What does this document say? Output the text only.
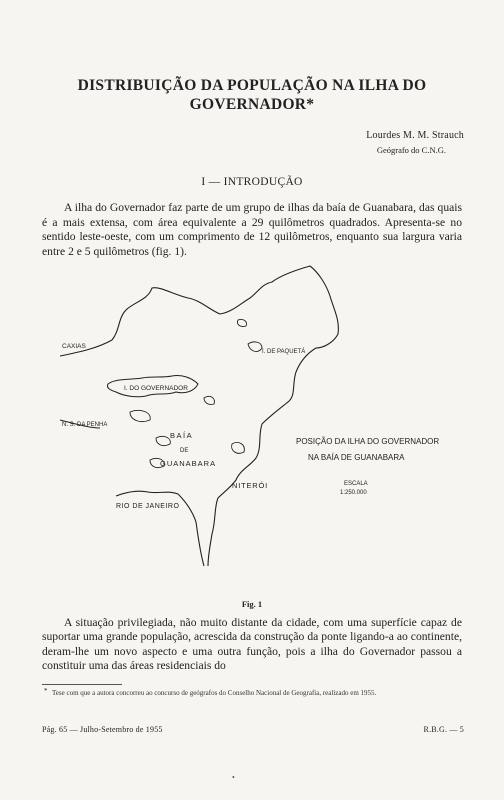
DISTRIBUIÇÃO DA POPULAÇÃO NA ILHA DO GOVERNADOR*
Lourdes M. M. Strauch
Geógrafo do C.N.G.
I — INTRODUÇÃO

A ilha do Governador faz parte de um grupo de ilhas da baía de Guanabara, das quais é a mais extensa, com área equivalente a 29 quilômetros quadrados. Apresenta-se no sentido leste-oeste, com um comprimento de 12 quilômetros, enquanto sua largura varia entre 2 e 5 quilômetros (fig. 1).

CAXIAS
I. DE PAQUETÁ
I. DO GOVERNADOR
N. S. DA PENHA
BAÍA
DE
GUANABARA
NITERÓI
RIO DE JANEIRO
POSIÇÃO DA ILHA DO GOVERNADOR
NA BAÍA DE GUANABARA
ESCALA
1:250.000
Fig. 1

A situação privilegiada, não muito distante da cidade, com uma superfície capaz de suportar uma grande população, acrescida da construção da ponte ligando-a ao continente, deram-lhe um novo aspecto e uma outra função, pois a ilha do Governador passou a constituir uma das áreas residenciais do

* Tese com que a autora concorreu ao concurso de geógrafos do Conselho Nacional de Geografia, realizado em 1955.
Pág. 65 — Julho-Setembro de 1955	R.B.G. — 5
•
